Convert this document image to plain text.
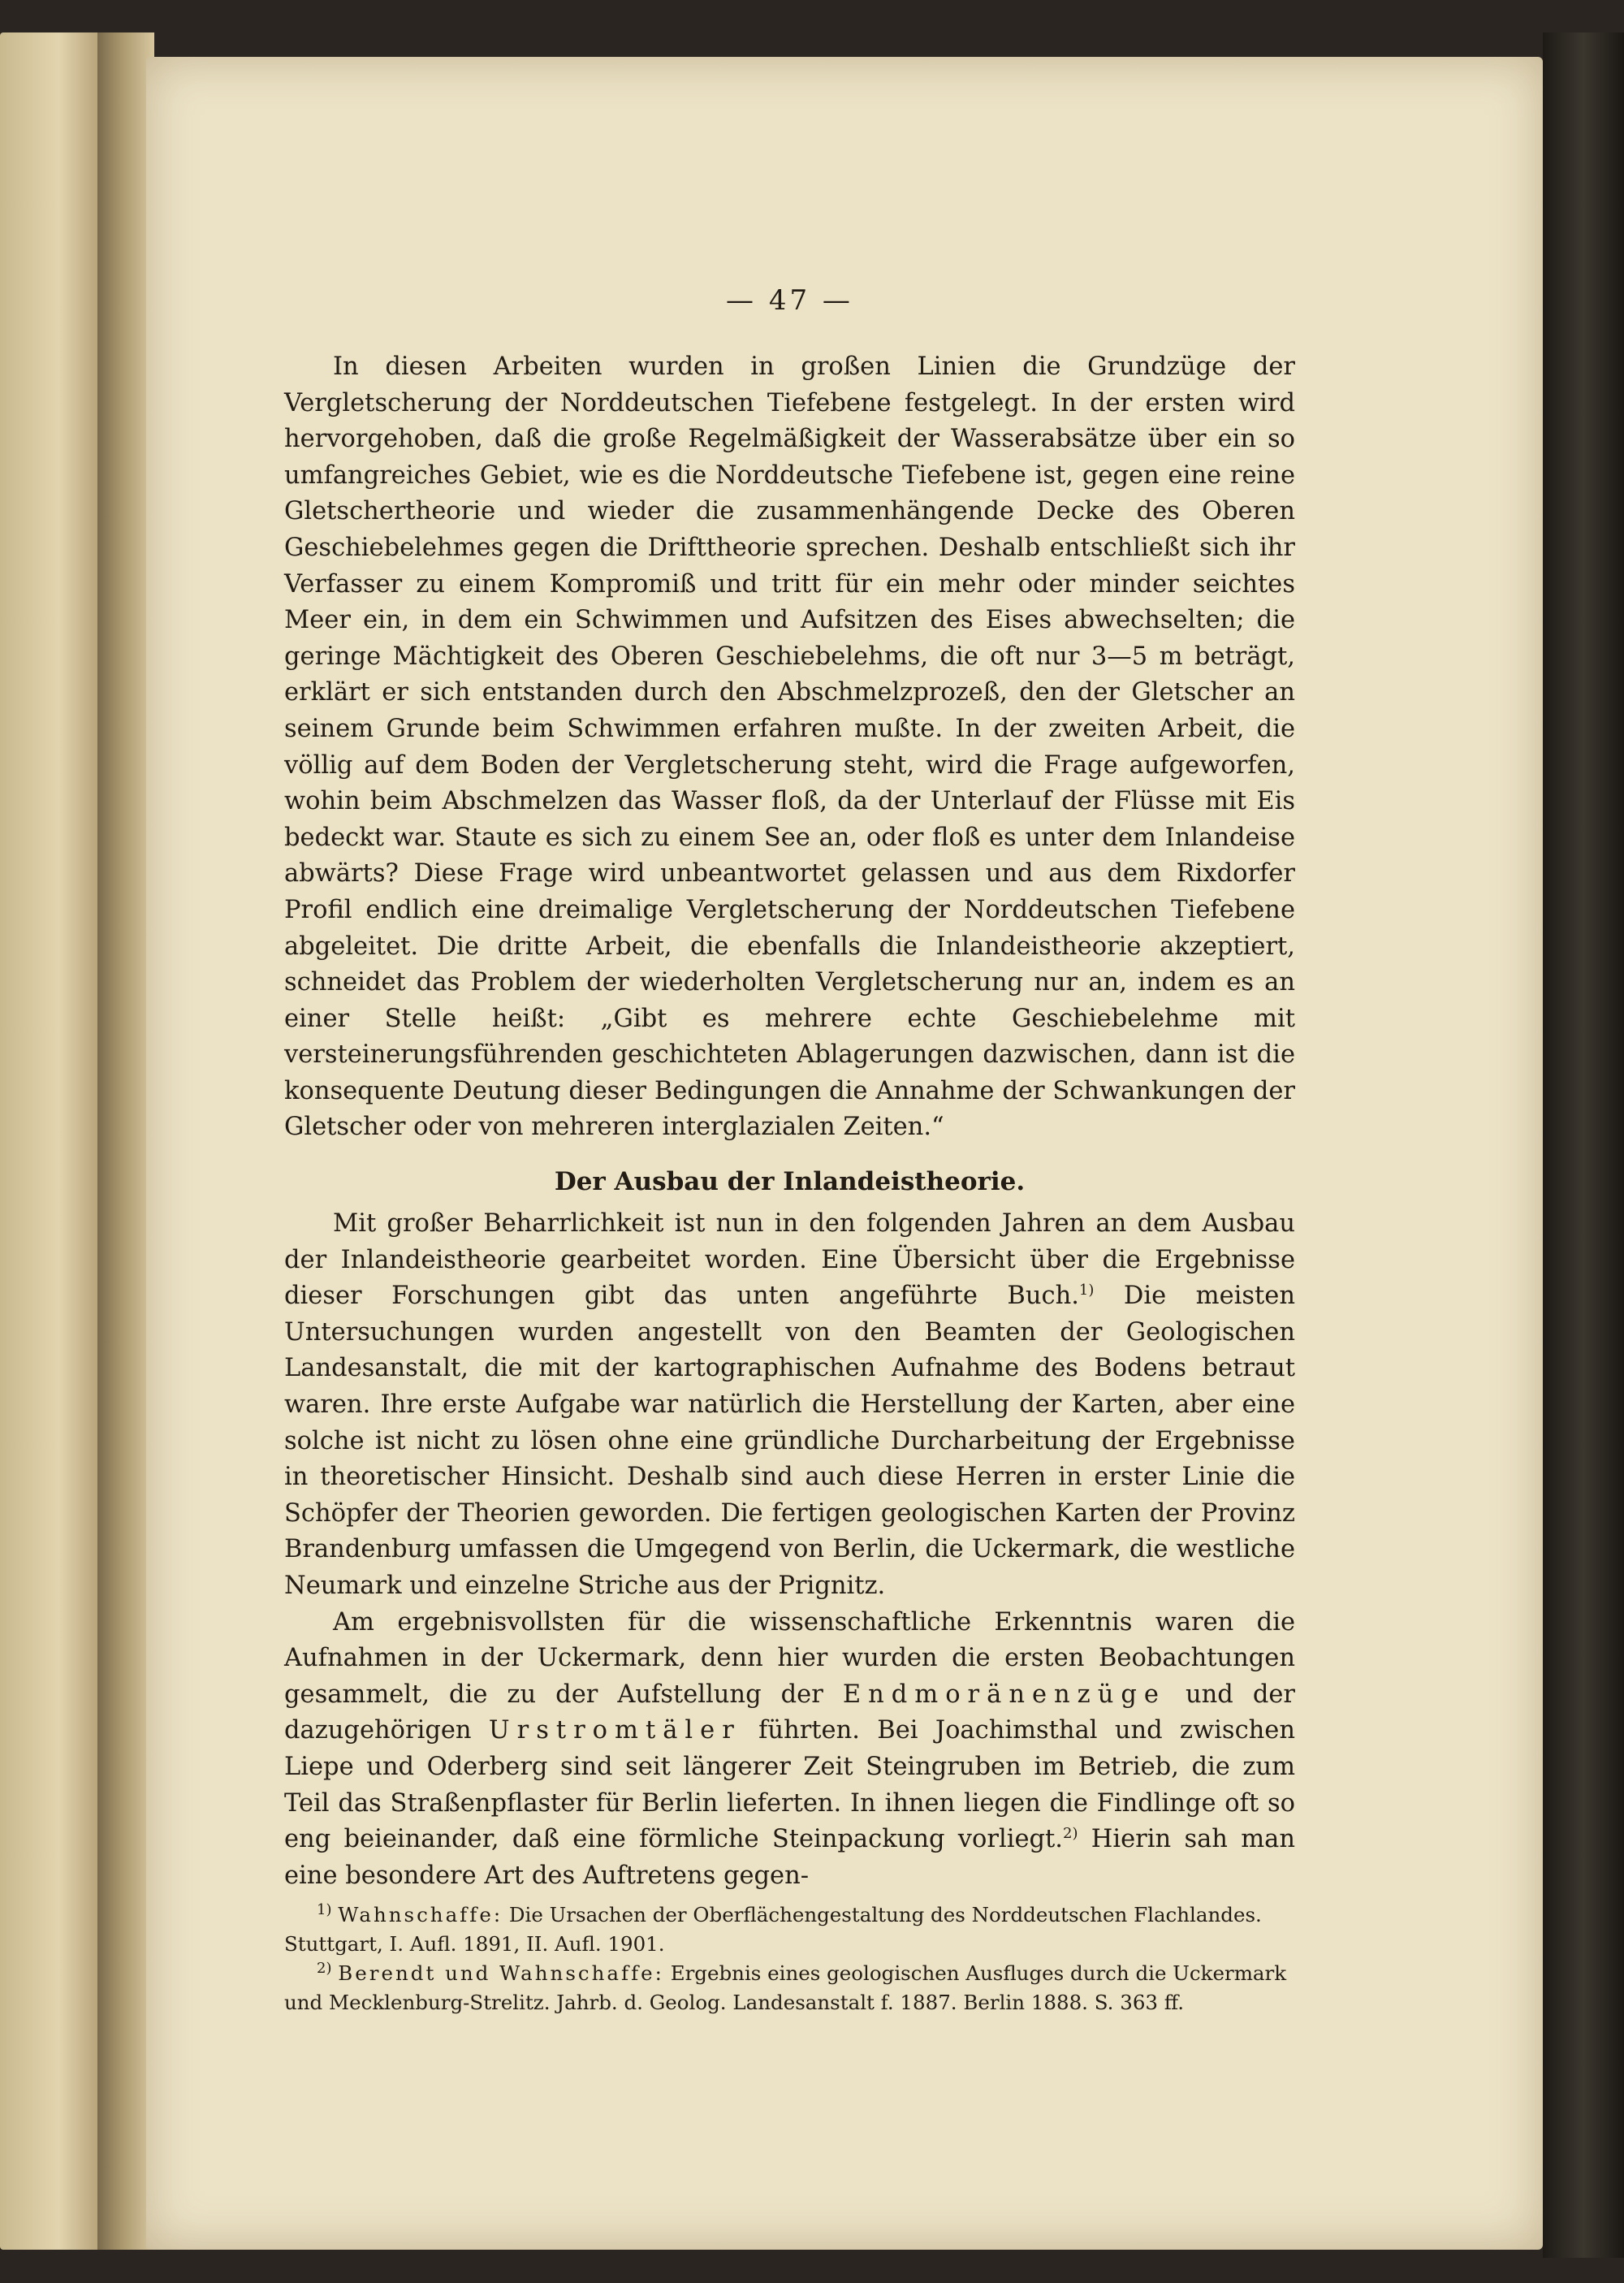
— 47 —

In diesen Arbeiten wurden in großen Linien die Grundzüge der Vergletscherung der Norddeutschen Tiefebene festgelegt. In der ersten wird hervorgehoben, daß die große Regelmäßigkeit der Wasserabsätze über ein so umfangreiches Gebiet, wie es die Norddeutsche Tiefebene ist, gegen eine reine Gletschertheorie und wieder die zusammenhängende Decke des Oberen Geschiebelehmes gegen die Drifttheorie sprechen. Deshalb entschließt sich ihr Verfasser zu einem Kompromiß und tritt für ein mehr oder minder seichtes Meer ein, in dem ein Schwimmen und Aufsitzen des Eises abwechselten; die geringe Mächtigkeit des Oberen Geschiebelehms, die oft nur 3—5 m beträgt, erklärt er sich entstanden durch den Abschmelzprozeß, den der Gletscher an seinem Grunde beim Schwimmen erfahren mußte. In der zweiten Arbeit, die völlig auf dem Boden der Vergletscherung steht, wird die Frage aufgeworfen, wohin beim Abschmelzen das Wasser floß, da der Unterlauf der Flüsse mit Eis bedeckt war. Staute es sich zu einem See an, oder floß es unter dem Inlandeise abwärts? Diese Frage wird unbeantwortet gelassen und aus dem Rixdorfer Profil endlich eine dreimalige Vergletscherung der Norddeutschen Tiefebene abgeleitet. Die dritte Arbeit, die ebenfalls die Inlandeistheorie akzeptiert, schneidet das Problem der wiederholten Vergletscherung nur an, indem es an einer Stelle heißt: „Gibt es mehrere echte Geschiebelehme mit versteinerungsführenden geschichteten Ablagerungen dazwischen, dann ist die konsequente Deutung dieser Bedingungen die Annahme der Schwankungen der Gletscher oder von mehreren interglazialen Zeiten.“

Der Ausbau der Inlandeistheorie.

Mit großer Beharrlichkeit ist nun in den folgenden Jahren an dem Ausbau der Inlandeistheorie gearbeitet worden. Eine Übersicht über die Ergebnisse dieser Forschungen gibt das unten angeführte Buch.$^{1)}$ Die meisten Untersuchungen wurden angestellt von den Beamten der Geologischen Landesanstalt, die mit der kartographischen Aufnahme des Bodens betraut waren. Ihre erste Aufgabe war natürlich die Herstellung der Karten, aber eine solche ist nicht zu lösen ohne eine gründliche Durcharbeitung der Ergebnisse in theoretischer Hinsicht. Deshalb sind auch diese Herren in erster Linie die Schöpfer der Theorien geworden. Die fertigen geologischen Karten der Provinz Brandenburg umfassen die Umgegend von Berlin, die Uckermark, die westliche Neumark und einzelne Striche aus der Prignitz.

Am ergebnisvollsten für die wissenschaftliche Erkenntnis waren die Aufnahmen in der Uckermark, denn hier wurden die ersten Beobachtungen gesammelt, die zu der Aufstellung der Endmoränenzüge und der dazugehörigen Urstromtäler führten. Bei Joachimsthal und zwischen Liepe und Oderberg sind seit längerer Zeit Steingruben im Betrieb, die zum Teil das Straßenpflaster für Berlin lieferten. In ihnen liegen die Findlinge oft so eng beieinander, daß eine förmliche Steinpackung vorliegt.$^{2)}$ Hierin sah man eine besondere Art des Auftretens gegen-

$^{1)}$ Wahnschaffe: Die Ursachen der Oberflächengestaltung des Norddeutschen Flachlandes. Stuttgart, I. Aufl. 1891, II. Aufl. 1901.

$^{2)}$ Berendt und Wahnschaffe: Ergebnis eines geologischen Ausfluges durch die Uckermark und Mecklenburg-Strelitz. Jahrb. d. Geolog. Landesanstalt f. 1887. Berlin 1888. S. 363 ff.
